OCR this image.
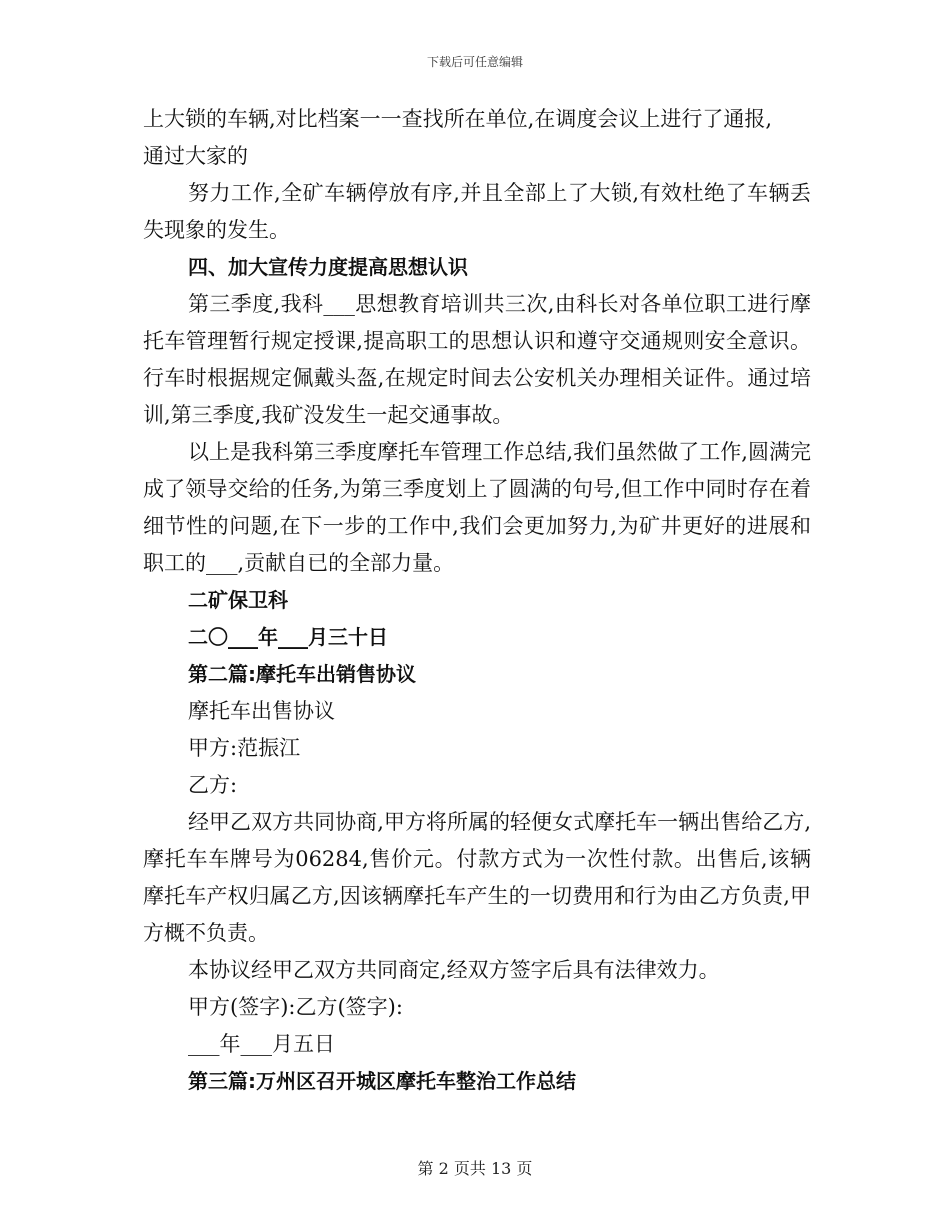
下载后可任意编辑

上大锁的车辆,对比档案一一查找所在单位,在调度会议上进行了通报,

通过大家的

努力工作,全矿车辆停放有序,并且全部上了大锁,有效杜绝了车辆丢失现象的发生。

四、加大宣传力度提高思想认识

第三季度,我科___思想教育培训共三次,由科长对各单位职工进行摩托车管理暂行规定授课,提高职工的思想认识和遵守交通规则安全意识。行车时根据规定佩戴头盔,在规定时间去公安机关办理相关证件。通过培训,第三季度,我矿没发生一起交通事故。

以上是我科第三季度摩托车管理工作总结,我们虽然做了工作,圆满完成了领导交给的任务,为第三季度划上了圆满的句号,但工作中同时存在着细节性的问题,在下一步的工作中,我们会更加努力,为矿井更好的进展和职工的___,贡献自已的全部力量。

二矿保卫科

二〇___年___月三十日

第二篇:摩托车出销售协议

摩托车出售协议

甲方:范振江

乙方:

经甲乙双方共同协商,甲方将所属的轻便女式摩托车一辆出售给乙方,摩托车车牌号为06284,售价元。付款方式为一次性付款。出售后,该辆摩托车产权归属乙方,因该辆摩托车产生的一切费用和行为由乙方负责,甲方概不负责。

本协议经甲乙双方共同商定,经双方签字后具有法律效力。

甲方(签字):乙方(签字):

___年___月五日

第三篇:万州区召开城区摩托车整治工作总结

第 2 页共 13 页
